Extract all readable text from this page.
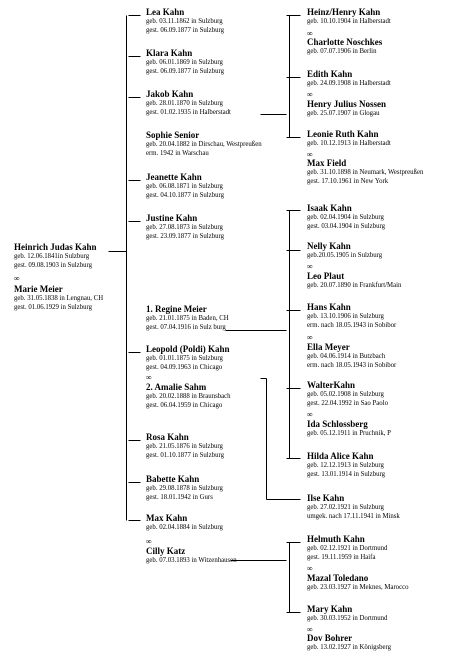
Heinrich Judas Kahn
geb. 12.06.1841in Sulzburg
gest. 09.08.1903 in Sulzburg
Marie Meier
geb. 31.05.1838 in Lengnau, CH
gest. 01.06.1929 in Sulzburg
Lea Kahn
geb. 03.11.1862 in Sulzburg
gest. 06.09.1877 in Sulzburg
Klara Kahn
geb. 06.01.1869 in Sulzburg
gest. 06.09.1877 in Sulzburg
Jakob Kahn
geb. 28.01.1870 in Sulzburg
gest. 01.02.1935 in Halberstadt
Sophie Senior
geb. 20.04.1882 in Dirschau, Westpreußen
erm. 1942 in Warschau
Jeanette Kahn
geb. 06.08.1871 in Sulzburg
gest. 04.10.1877 in Sulzburg
Justine Kahn
geb. 27.08.1873 in Sulzburg
gest. 23.09.1877 in Sulzburg
1. Regine Meier
geb. 21.01.1875 in Baden, CH
gest. 07.04.1916 in Sulz burg
Leopold (Poldi) Kahn
geb. 01.01.1875 in Sulzburg
gest. 04.09.1963 in Chicago
2. Amalie Sahm
geb. 20.02.1888 in Braunsbach
gest. 06.04.1959 in Chicago
Rosa Kahn
geb. 21.05.1876 in Sulzburg
gest. 01.10.1877 in Sulzburg
Babette Kahn
geb. 29.08.1878 in Sulzburg
gest. 18.01.1942 in Gurs
Max Kahn
geb. 02.04.1884 in Sulzburg
Cilly Katz
geb. 07.03.1893 in Witzenhausen
Heinz/Henry Kahn
geb. 10.10.1904 in Halberstadt
Charlotte Noschkes
geb. 07.07.1906 in Berlin
Edith Kahn
geb. 24.09.1908 in Halberstadt
Henry Julius Nossen
geb. 25.07.1907 in Glogau
Leonie Ruth Kahn
geb. 10.12.1913 in Halberstadt
Max Field
geb. 31.10.1898 in Neumark, Westpreußen
gest. 17.10.1961 in New York
Isaak Kahn
geb. 02.04.1904 in Sulzburg
gest. 03.04.1904 in Sulzburg
Nelly Kahn
geb.20.05.1905 in Sulzburg
Leo Plaut
geb. 20.07.1890 in Frankfurt/Main
Hans Kahn
geb. 13.10.1906 in Sulzburg
erm. nach 18.05.1943 in Sobibor
Ella Meyer
geb. 04.06.1914 in Butzbach
erm. nach 18.05.1943 in Sobibor
WalterKahn
geb. 05.02.1908 in Sulzburg
gest. 22.04.1992 in Sao Paolo
Ida Schlossberg
geb. 05.12.1911 in Pruchnik, P
Hilda Alice Kahn
geb. 12.12.1913 in Sulzburg
gest. 13.01.1914 in Sulzburg
Ilse Kahn
geb. 27.02.1921 in Sulzburg
umgek. nach 17.11.1941 in Minsk
Helmuth Kahn
geb. 02.12.1921 in Dortmund
gest. 19.11.1959 in Haifa
Mazal Toledano
geb. 23.03.1927 in Meknes, Marocco
Mary Kahn
geb. 30.03.1952 in Dortmund
Dov Bohrer
geb. 13.02.1927 in Königsberg
∞
∞
∞
∞
∞
∞
∞
∞
∞
∞
∞
